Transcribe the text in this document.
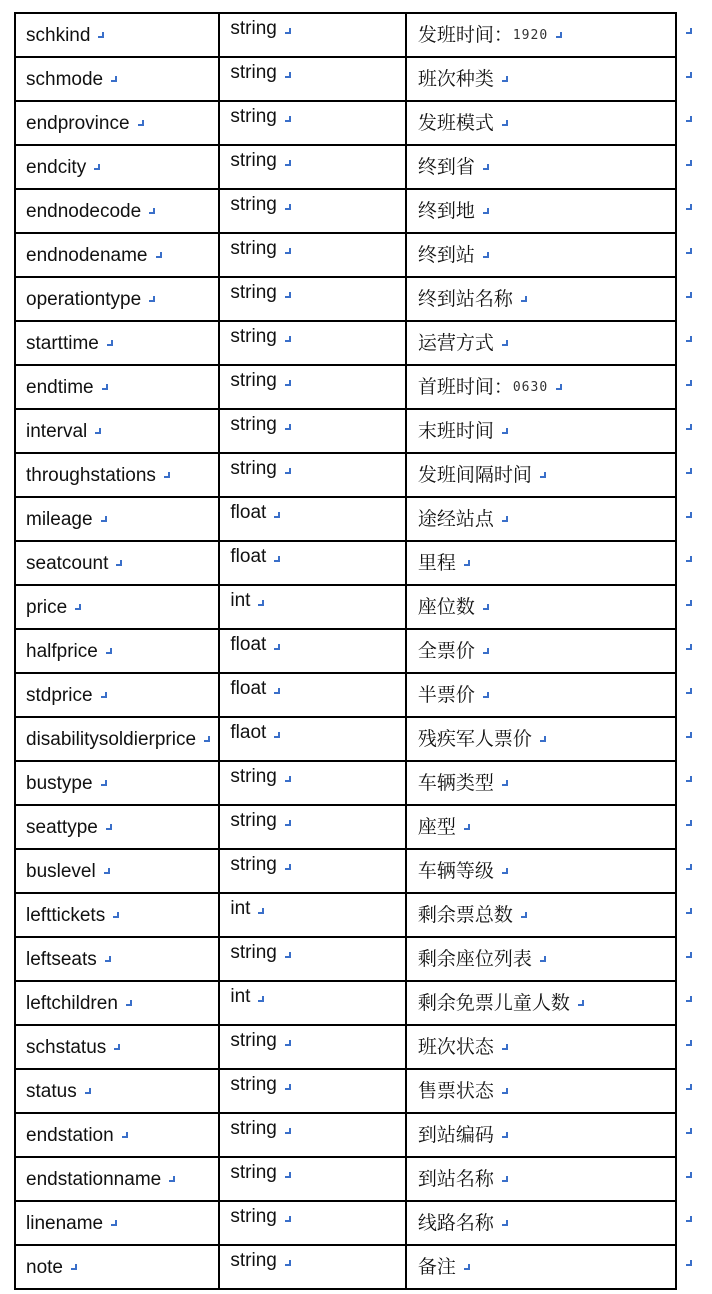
schkind	string	发班时间： 1920
schmode	string	班次种类
endprovince	string	发班模式
endcity	string	终到省
endnodecode	string	终到地
endnodename	string	终到站
operationtype	string	终到站名称
starttime	string	运营方式
endtime	string	首班时间： 0630
interval	string	末班时间
throughstations	string	发班间隔时间
mileage	float	途经站点
seatcount	float	里程
price	int	座位数
halfprice	float	全票价
stdprice	float	半票价
disabilitysoldierprice	flaot	残疾军人票价
bustype	string	车辆类型
seattype	string	座型
buslevel	string	车辆等级
lefttickets	int	剩余票总数
leftseats	string	剩余座位列表
leftchildren	int	剩余免票儿童人数
schstatus	string	班次状态
status	string	售票状态
endstation	string	到站编码
endstationname	string	到站名称
linename	string	线路名称
note	string	备注
